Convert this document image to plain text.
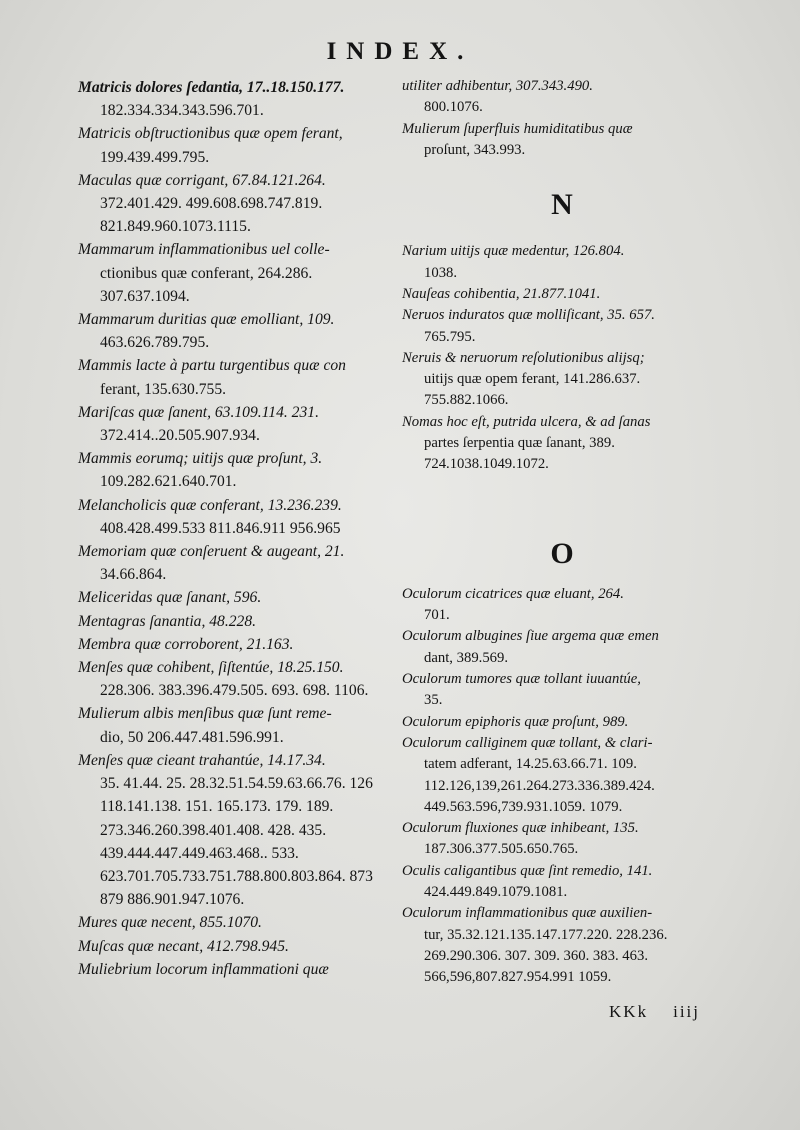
INDEX.
Matricis dolores ſedantia, 17..18.150.177.
182.334.334.343.596.701.
Matricis obſtructionibus quæ opem ferant,
199.439.499.795.
Maculas quæ corrigant, 67.84.121.264.
372.401.429. 499.608.698.747.819. 821.849.960.1073.1115.
Mammarum inflammationibus uel colle-
ctionibus quæ conferant, 264.286. 307.637.1094.
Mammarum duritias quæ emolliant, 109.
463.626.789.795.
Mammis lacte à partu turgentibus quæ con
ferant, 135.630.755.
Mariſcas quæ ſanent, 63.109.114. 231.
372.414..20.505.907.934.
Mammis eorumq; uitijs quæ proſunt, 3.
109.282.621.640.701.
Melancholicis quæ conferant, 13.236.239.
408.428.499.533 811.846.911 956.965
Memoriam quæ conſeruent & augeant, 21.
34.66.864.
Meliceridas quæ ſanant, 596.
Mentagras ſanantia, 48.228.
Membra quæ corroborent, 21.163.
Menſes quæ cohibent, ſiſtentúe, 18.25.150.
228.306. 383.396.479.505. 693. 698. 1106.
Mulierum albis menſibus quæ ſunt reme-
dio, 50 206.447.481.596.991.
Menſes quæ cieant trahantúe, 14.17.34.
35. 41.44. 25. 28.32.51.54.59.63.66.76. 126 118.141.138. 151. 165.173. 179. 189. 273.346.260.398.401.408. 428. 435. 439.444.447.449.463.468.. 533. 623.701.705.733.751.788.800.803.864. 873 879 886.901.947.1076.
Mures quæ necent, 855.1070.
Muſcas quæ necant, 412.798.945.
Muliebrium locorum inflammationi quæ
utiliter adhibentur, 307.343.490.
800.1076.
Mulierum ſuperfluis humiditatibus quæ
proſunt, 343.993.
N
Narium uitijs quæ medentur, 126.804.
1038.
Nauſeas cohibentia, 21.877.1041.
Neruos induratos quæ molliſicant, 35. 657.
765.795.
Neruis & neruorum reſolutionibus alijsq;
uitijs quæ opem ferant, 141.286.637. 755.882.1066.
Nomas hoc eſt, putrida ulcera, & ad ſanas
partes ſerpentia quæ ſanant, 389. 724.1038.1049.1072.
O
Oculorum cicatrices quæ eluant, 264.
701.
Oculorum albugines ſiue argema quæ emen
dant, 389.569.
Oculorum tumores quæ tollant iuuantúe,
35.
Oculorum epiphoris quæ proſunt, 989.
Oculorum calliginem quæ tollant, & clari-
tatem adferant, 14.25.63.66.71. 109. 112.126,139,261.264.273.336.389.424. 449.563.596,739.931.1059. 1079.
Oculorum fluxiones quæ inhibeant, 135.
187.306.377.505.650.765.
Oculis caligantibus quæ ſint remedio, 141.
424.449.849.1079.1081.
Oculorum inflammationibus quæ auxilien-
tur, 35.32.121.135.147.177.220. 228.236. 269.290.306. 307. 309. 360. 383. 463. 566,596,807.827.954.991 1059.
KKk iiij
